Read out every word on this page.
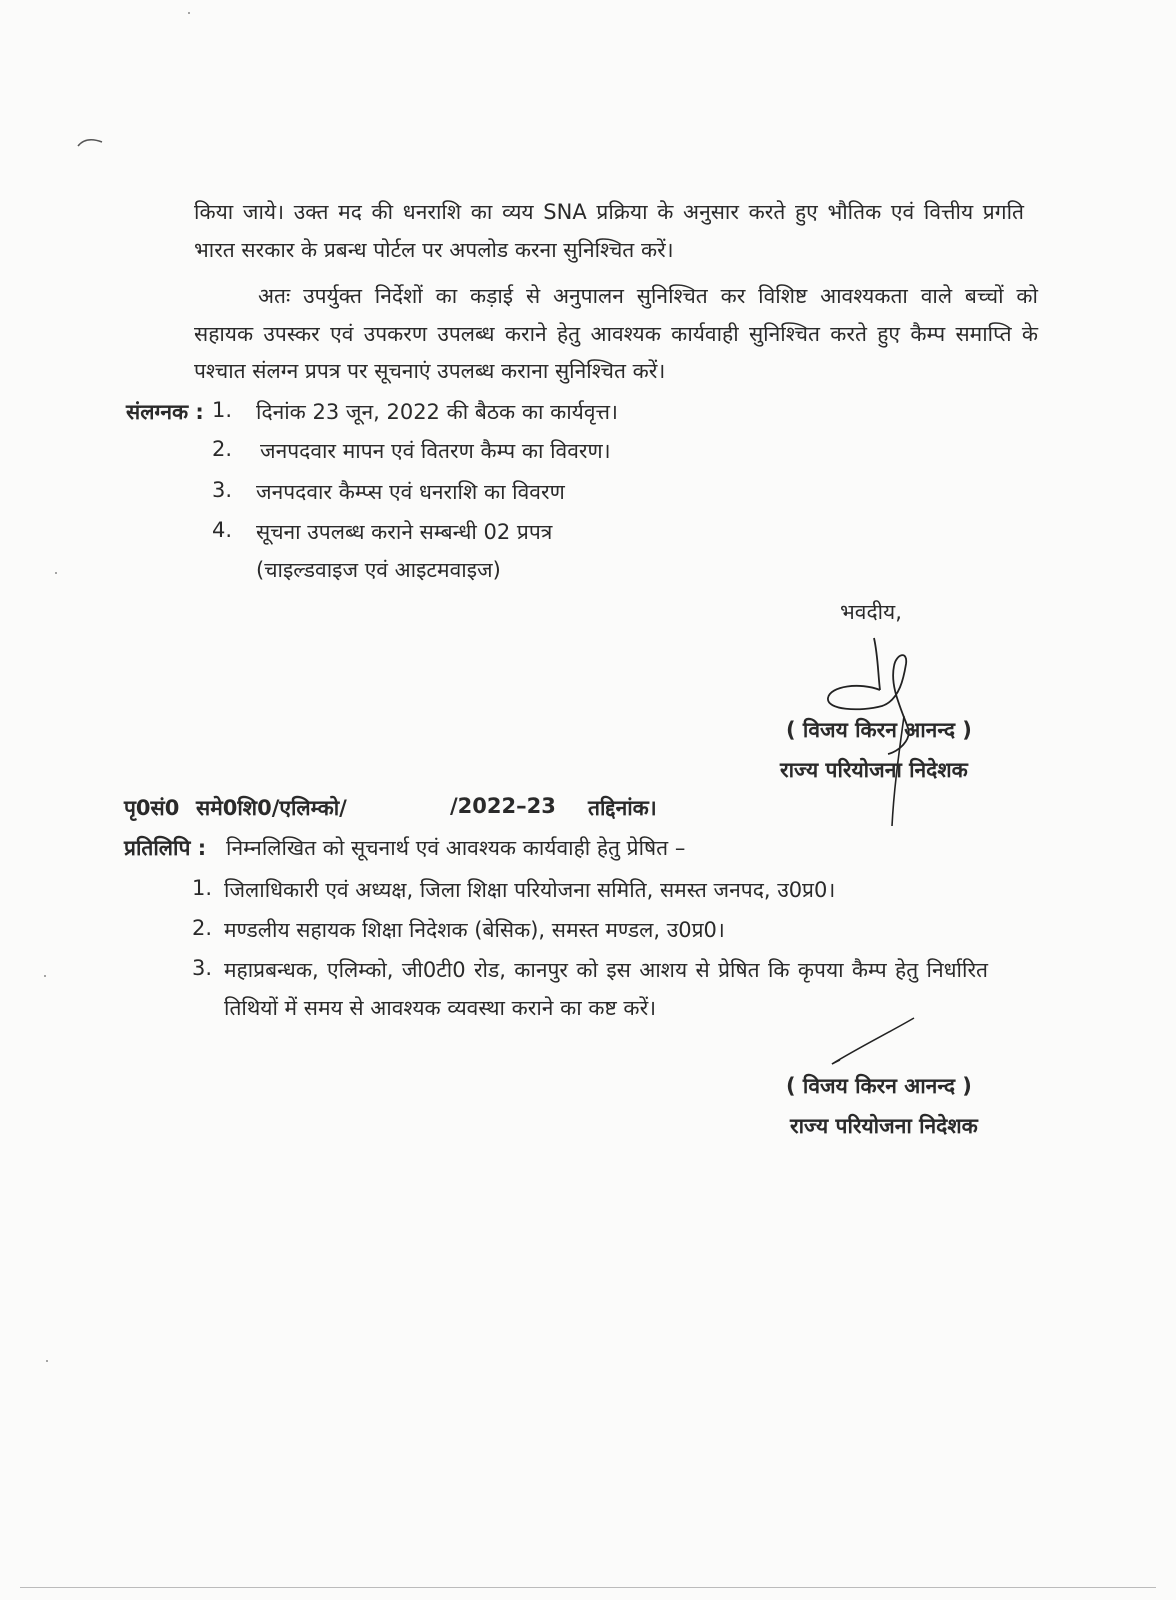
किया जाये। उक्त मद की धनराशि का व्यय SNA प्रक्रिया के अनुसार करते हुए भौतिक एवं वित्तीय प्रगति
भारत सरकार के प्रबन्ध पोर्टल पर अपलोड करना सुनिश्चित करें।
अतः उपर्युक्त निर्देशों का कड़ाई से अनुपालन सुनिश्चित कर विशिष्ट आवश्यकता वाले बच्चों को
सहायक उपस्कर एवं उपकरण उपलब्ध कराने हेतु आवश्यक कार्यवाही सुनिश्चित करते हुए कैम्प समाप्ति के
पश्चात संलग्न प्रपत्र पर सूचनाएं उपलब्ध कराना सुनिश्चित करें।
संलग्नक : 1. दिनांक 23 जून, 2022 की बैठक का कार्यवृत्त।
2. जनपदवार मापन एवं वितरण कैम्प का विवरण।
3. जनपदवार कैम्प्स एवं धनराशि का विवरण
4. सूचना उपलब्ध कराने सम्बन्धी 02 प्रपत्र
(चाइल्डवाइज एवं आइटमवाइज)
भवदीय,
( विजय किरन आनन्द )
राज्य परियोजना निदेशक
पृ0सं0 समे0शि0/एलिम्को/	/2022–23 तद्दिनांक।
प्रतिलिपि : निम्नलिखित को सूचनार्थ एवं आवश्यक कार्यवाही हेतु प्रेषित –
1. जिलाधिकारी एवं अध्यक्ष, जिला शिक्षा परियोजना समिति, समस्त जनपद, उ0प्र0।
2. मण्डलीय सहायक शिक्षा निदेशक (बेसिक), समस्त मण्डल, उ0प्र0।
3. महाप्रबन्धक, एलिम्को, जी0टी0 रोड, कानपुर को इस आशय से प्रेषित कि कृपया कैम्प हेतु निर्धारित
तिथियों में समय से आवश्यक व्यवस्था कराने का कष्ट करें।
( विजय किरन आनन्द )
राज्य परियोजना निदेशक
